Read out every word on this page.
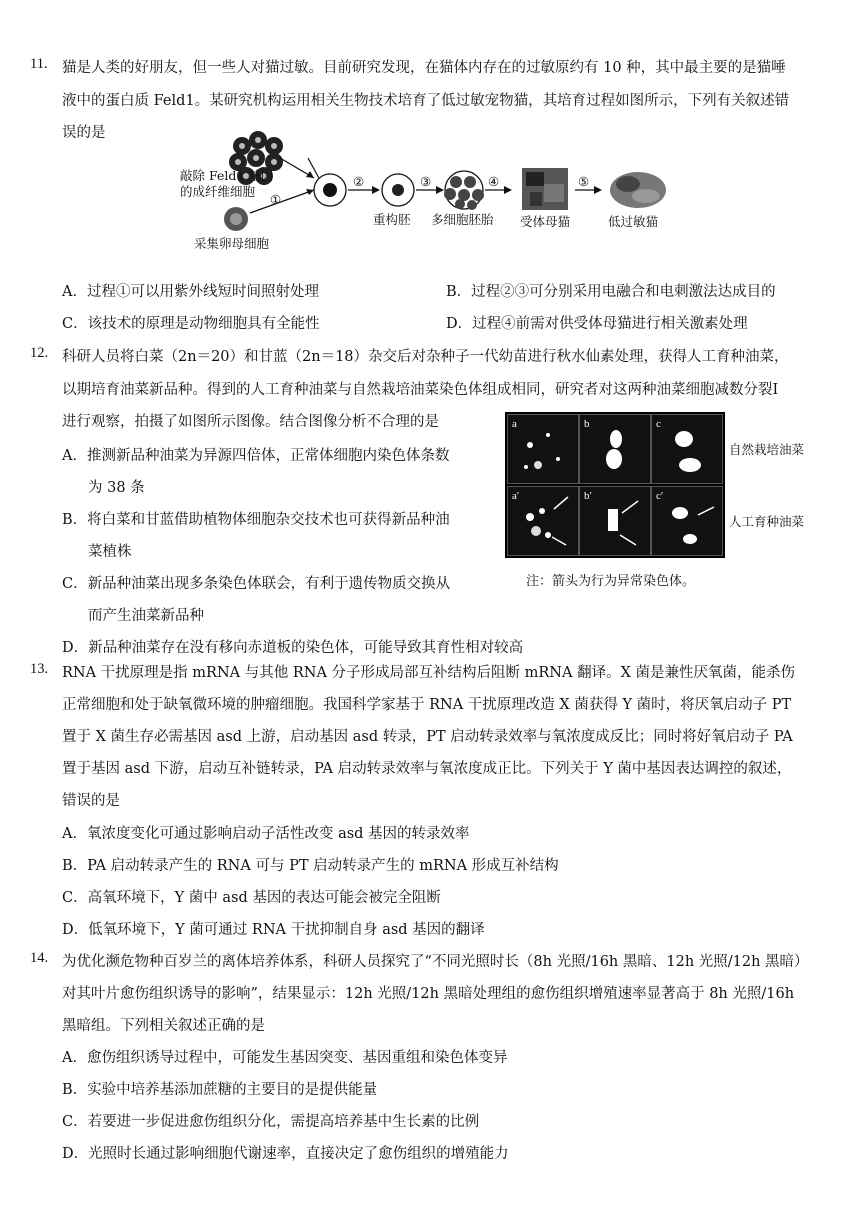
11. 猫是人类的好朋友，但一些人对猫过敏。目前研究发现，在猫体内存在的过敏原约有 10 种，其中最主要的是猫唾
液中的蛋白质 Feld1。某研究机构运用相关生物技术培育了低过敏宠物猫，其培育过程如图所示，下列有关叙述错
误的是
敲除 Feld1 基因
的成纤维细胞
①
采集卵母细胞
②
重构胚
③
多细胞胚胎
④
受体母猫
⑤
低过敏猫
A．过程①可以用紫外线短时间照射处理	B．过程②③可分别采用电融合和电刺激法达成目的
C．该技术的原理是动物细胞具有全能性	D．过程④前需对供受体母猫进行相关激素处理
12. 科研人员将白菜（2n＝20）和甘蓝（2n＝18）杂交后对杂种子一代幼苗进行秋水仙素处理，获得人工育种油菜，
以期培育油菜新品种。得到的人工育种油菜与自然栽培油菜染色体组成相同，研究者对这两种油菜细胞减数分裂Ⅰ
进行观察，拍摄了如图所示图像。结合图像分析不合理的是
A．推测新品种油菜为异源四倍体，正常体细胞内染色体条数
为 38 条
B．将白菜和甘蓝借助植物体细胞杂交技术也可获得新品种油
菜植株
C．新品种油菜出现多条染色体联会，有利于遗传物质交换从
而产生油菜新品种
D．新品种油菜存在没有移向赤道板的染色体，可能导致其育性相对较高
a	b	c
a′	b′	c′
自然栽培油菜
人工育种油菜
注：箭头为行为异常染色体。
13. RNA 干扰原理是指 mRNA 与其他 RNA 分子形成局部互补结构后阻断 mRNA 翻译。X 菌是兼性厌氧菌，能杀伤
正常细胞和处于缺氧微环境的肿瘤细胞。我国科学家基于 RNA 干扰原理改造 X 菌获得 Y 菌时，将厌氧启动子 PT
置于 X 菌生存必需基因 asd 上游，启动基因 asd 转录，PT 启动转录效率与氧浓度成反比；同时将好氧启动子 PA
置于基因 asd 下游，启动互补链转录，PA 启动转录效率与氧浓度成正比。下列关于 Y 菌中基因表达调控的叙述，
错误的是
A．氧浓度变化可通过影响启动子活性改变 asd 基因的转录效率
B．PA 启动转录产生的 RNA 可与 PT 启动转录产生的 mRNA 形成互补结构
C．高氧环境下，Y 菌中 asd 基因的表达可能会被完全阻断
D．低氧环境下，Y 菌可通过 RNA 干扰抑制自身 asd 基因的翻译
14. 为优化濒危物种百岁兰的离体培养体系，科研人员探究了“不同光照时长（8h 光照/16h 黑暗、12h 光照/12h 黑暗）
对其叶片愈伤组织诱导的影响”，结果显示：12h 光照/12h 黑暗处理组的愈伤组织增殖速率显著高于 8h 光照/16h
黑暗组。下列相关叙述正确的是
A．愈伤组织诱导过程中，可能发生基因突变、基因重组和染色体变异
B．实验中培养基添加蔗糖的主要目的是提供能量
C．若要进一步促进愈伤组织分化，需提高培养基中生长素的比例
D．光照时长通过影响细胞代谢速率，直接决定了愈伤组织的增殖能力
